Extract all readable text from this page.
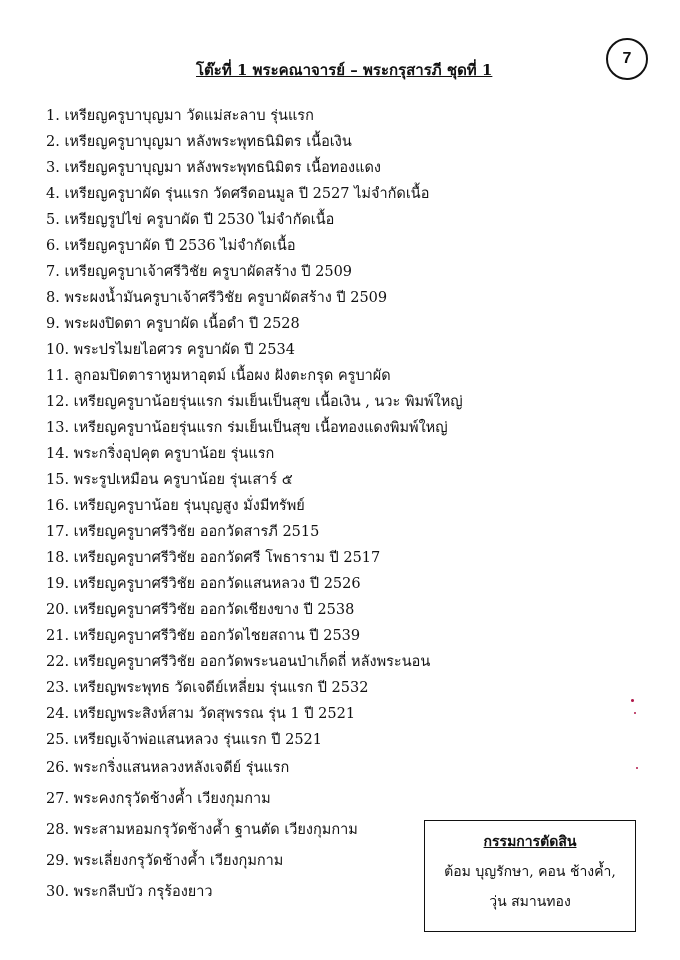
โต๊ะที่ 1 พระคณาจารย์ – พระกรุสารภี ชุดที่ 1
7
1. เหรียญครูบาบุญมา วัดแม่สะลาบ รุ่นแรก
2. เหรียญครูบาบุญมา หลังพระพุทธนิมิตร เนื้อเงิน
3. เหรียญครูบาบุญมา หลังพระพุทธนิมิตร เนื้อทองแดง
4. เหรียญครูบาผัด รุ่นแรก วัดศรีดอนมูล ปี 2527 ไม่จำกัดเนื้อ
5. เหรียญรูปไข่ ครูบาผัด ปี 2530 ไม่จำกัดเนื้อ
6. เหรียญครูบาผัด ปี 2536 ไม่จำกัดเนื้อ
7. เหรียญครูบาเจ้าศรีวิชัย ครูบาผัดสร้าง ปี 2509
8. พระผงน้ำมันครูบาเจ้าศรีวิชัย ครูบาผัดสร้าง ปี 2509
9. พระผงปิดตา ครูบาผัด เนื้อดำ ปี 2528
10. พระปรไมยไอศวร ครูบาผัด ปี 2534
11. ลูกอมปิดตาราหูมหาอุตม์ เนื้อผง ฝังตะกรุด ครูบาผัด
12. เหรียญครูบาน้อยรุ่นแรก ร่มเย็นเป็นสุข เนื้อเงิน , นวะ พิมพ์ใหญ่
13. เหรียญครูบาน้อยรุ่นแรก ร่มเย็นเป็นสุข เนื้อทองแดงพิมพ์ใหญ่
14. พระกริ่งอุปคุต ครูบาน้อย รุ่นแรก
15. พระรูปเหมือน ครูบาน้อย รุ่นเสาร์ ๕
16. เหรียญครูบาน้อย รุ่นบุญสูง มั่งมีทรัพย์
17. เหรียญครูบาศรีวิชัย ออกวัดสารภี 2515
18. เหรียญครูบาศรีวิชัย ออกวัดศรี โพธาราม ปี 2517
19. เหรียญครูบาศรีวิชัย ออกวัดแสนหลวง ปี 2526
20. เหรียญครูบาศรีวิชัย ออกวัดเชียงขาง ปี 2538
21. เหรียญครูบาศรีวิชัย ออกวัดไชยสถาน ปี 2539
22. เหรียญครูบาศรีวิชัย ออกวัดพระนอนป่าเก็ดถี่ หลังพระนอน
23. เหรียญพระพุทธ วัดเจดีย์เหลี่ยม รุ่นแรก ปี 2532
24. เหรียญพระสิงห์สาม วัดสุพรรณ รุ่น 1 ปี 2521
25. เหรียญเจ้าพ่อแสนหลวง รุ่นแรก ปี 2521
26. พระกริ่งแสนหลวงหลังเจดีย์ รุ่นแรก
27. พระคงกรุวัดช้างค้ำ เวียงกุมกาม
28. พระสามหอมกรุวัดช้างค้ำ ฐานตัด เวียงกุมกาม
29. พระเลี่ยงกรุวัดช้างค้ำ เวียงกุมกาม
30. พระกลีบบัว กรุร้องยาว
กรรมการตัดสิน
ต้อม บุญรักษา, คอน ช้างค้ำ,
วุ่น สมานทอง
